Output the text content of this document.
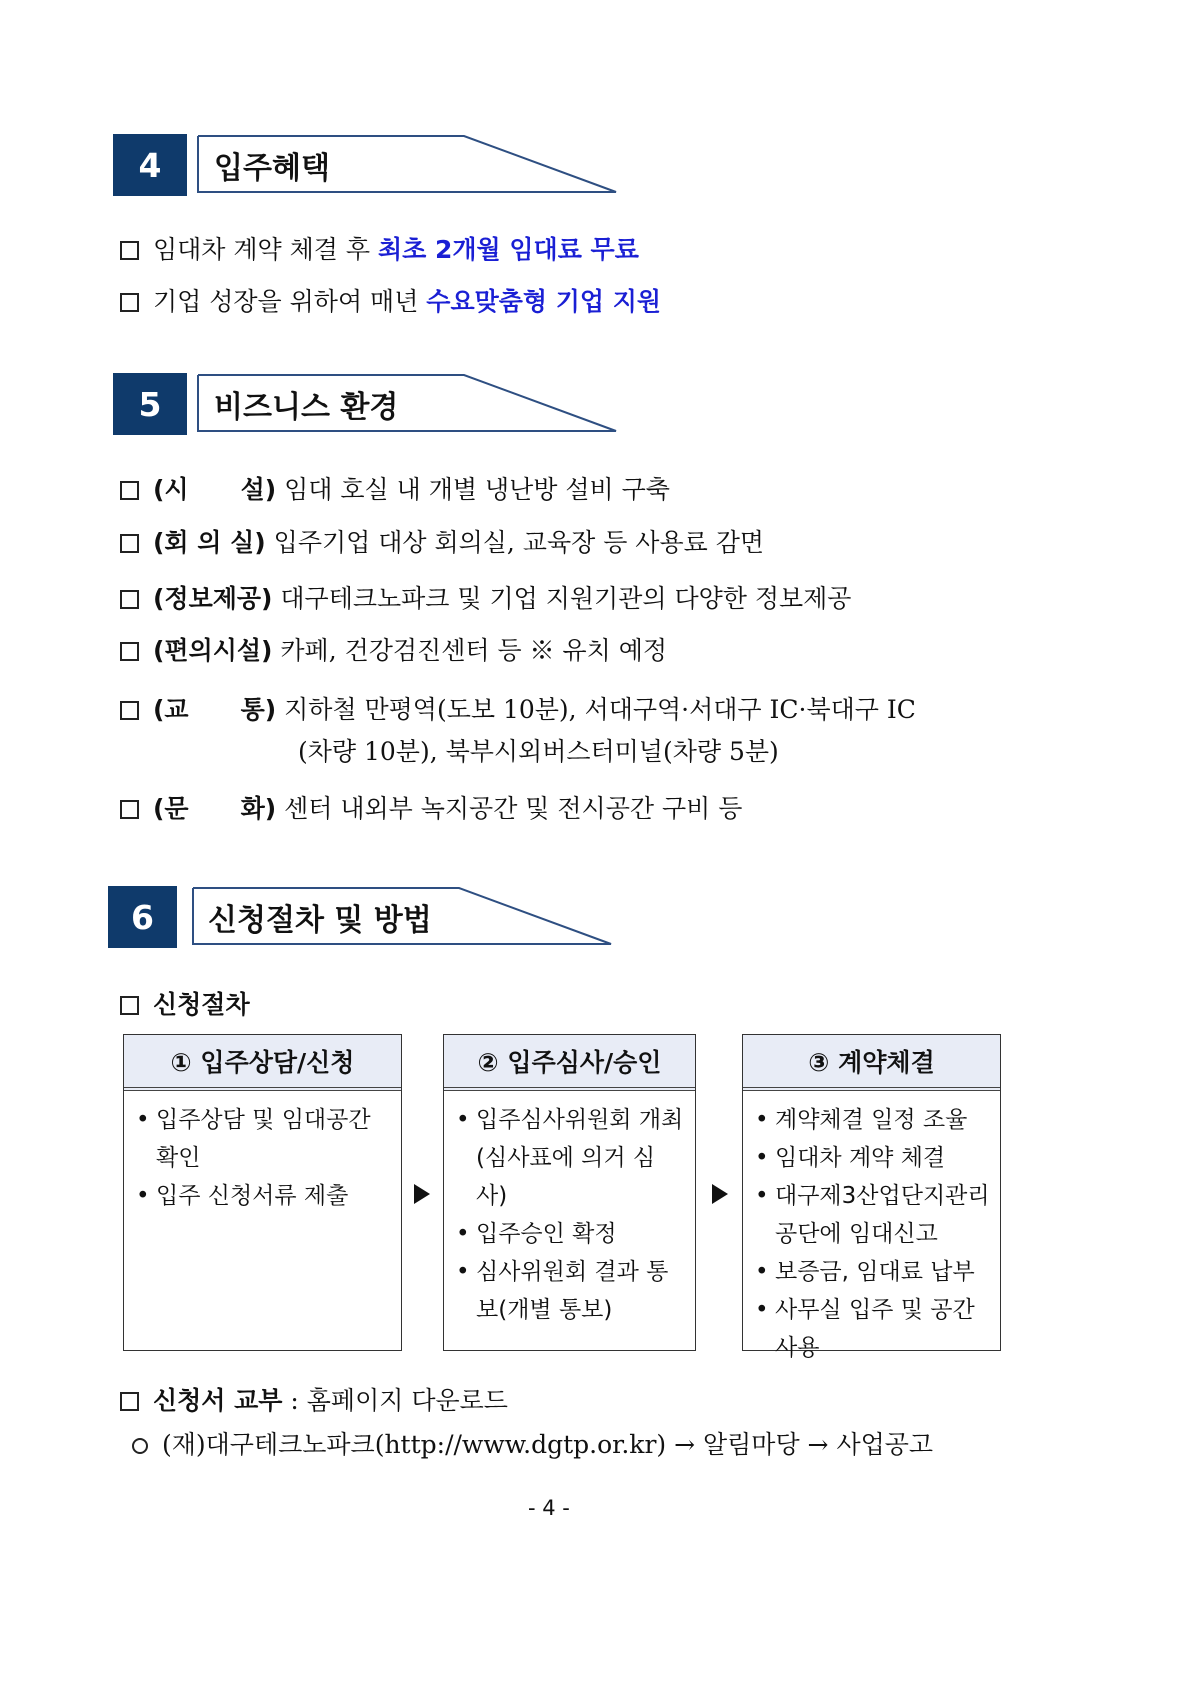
4	입주혜택
임대차 계약 체결 후 최초 2개월 임대료 무료
기업 성장을 위하여 매년 수요맞춤형 기업 지원
5	비즈니스 환경
(시 설) 임대 호실 내 개별 냉난방 설비 구축
(회 의 실) 입주기업 대상 회의실, 교육장 등 사용료 감면
(정보제공) 대구테크노파크 및 기업 지원기관의 다양한 정보제공
(편의시설) 카페, 건강검진센터 등 ※ 유치 예정
(교 통) 지하철 만평역(도보 10분), 서대구역·서대구 IC·북대구 IC
(차량 10분), 북부시외버스터미널(차량 5분)
(문 화) 센터 내외부 녹지공간 및 전시공간 구비 등
6	신청절차 및 방법
신청절차
① 입주상담/신청
• 입주상담 및 임대공간 확인
• 입주 신청서류 제출
② 입주심사/승인
• 입주심사위원회 개최 (심사표에 의거 심사)
• 입주승인 확정
• 심사위원회 결과 통보(개별 통보)
③ 계약체결
• 계약체결 일정 조율
• 임대차 계약 체결
• 대구제3산업단지관리 공단에 임대신고
• 보증금, 임대료 납부
• 사무실 입주 및 공간 사용
신청서 교부 : 홈페이지 다운로드
(재)대구테크노파크(http://www.dgtp.or.kr) → 알림마당 → 사업공고
- 4 -
